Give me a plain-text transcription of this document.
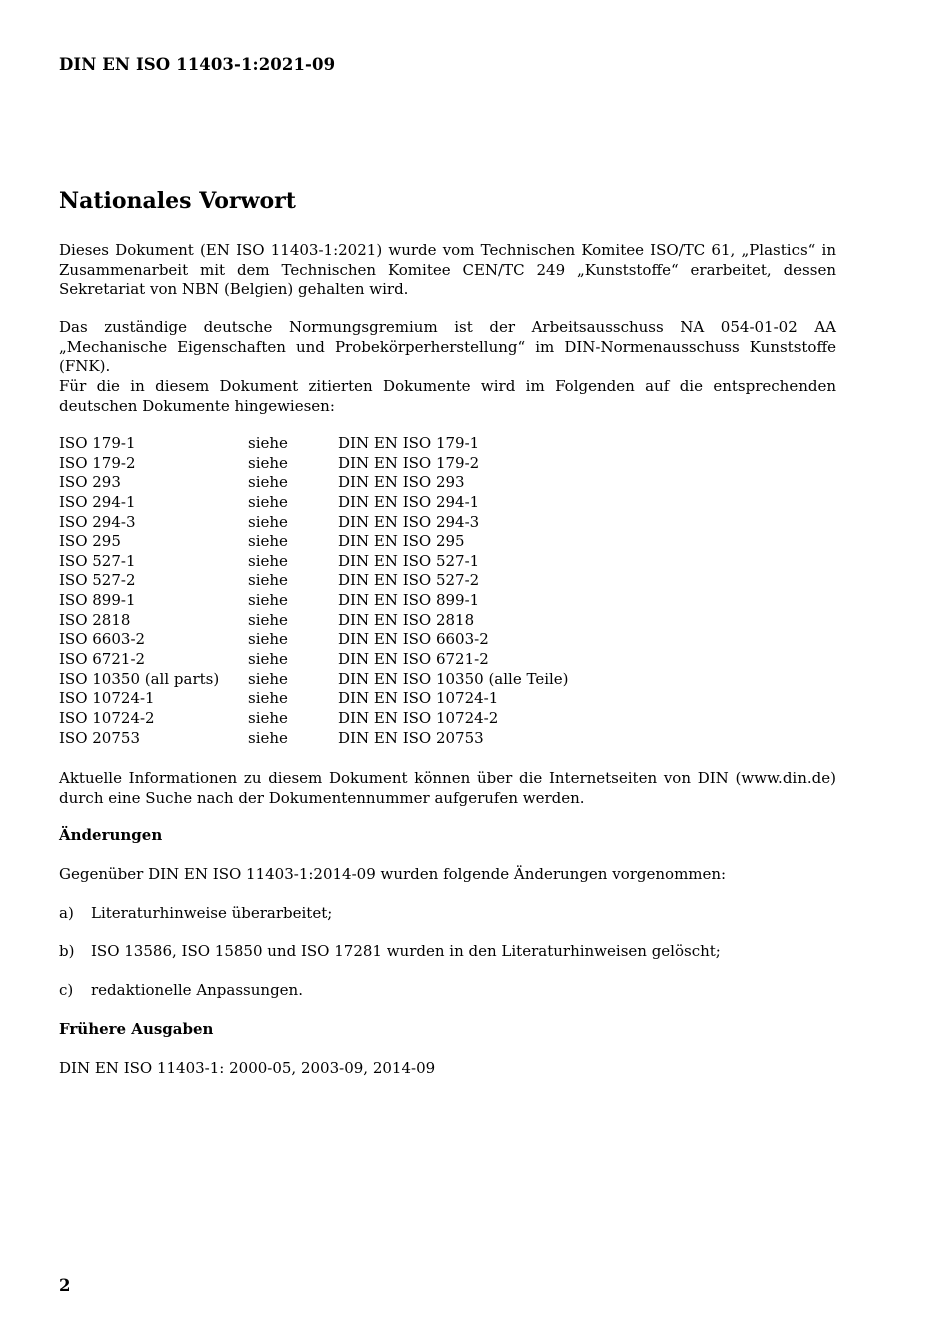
DIN EN ISO 11403-1:2021-09
Nationales Vorwort
Dieses Dokument (EN ISO 11403-1:2021) wurde vom Technischen Komitee ISO/TC 61, „Plastics“ in Zusammenarbeit mit dem Technischen Komitee CEN/TC 249 „Kunststoffe“ erarbeitet, dessen Sekretariat von NBN (Belgien) gehalten wird.
Das zuständige deutsche Normungsgremium ist der Arbeitsausschuss NA 054-01-02 AA „Mechanische Eigenschaften und Probekörperherstellung“ im DIN-Normenausschuss Kunststoffe (FNK).
Für die in diesem Dokument zitierten Dokumente wird im Folgenden auf die entsprechenden deutschen Dokumente hingewiesen:
ISO 179-1	siehe	DIN EN ISO 179-1
ISO 179-2	siehe	DIN EN ISO 179-2
ISO 293	siehe	DIN EN ISO 293
ISO 294-1	siehe	DIN EN ISO 294-1
ISO 294-3	siehe	DIN EN ISO 294-3
ISO 295	siehe	DIN EN ISO 295
ISO 527-1	siehe	DIN EN ISO 527-1
ISO 527-2	siehe	DIN EN ISO 527-2
ISO 899-1	siehe	DIN EN ISO 899-1
ISO 2818	siehe	DIN EN ISO 2818
ISO 6603-2	siehe	DIN EN ISO 6603-2
ISO 6721-2	siehe	DIN EN ISO 6721-2
ISO 10350 (all parts) siehe	DIN EN ISO 10350 (alle Teile)
ISO 10724-1	siehe	DIN EN ISO 10724-1
ISO 10724-2	siehe	DIN EN ISO 10724-2
ISO 20753	siehe	DIN EN ISO 20753
Aktuelle Informationen zu diesem Dokument können über die Internetseiten von DIN (www.din.de) durch eine Suche nach der Dokumentennummer aufgerufen werden.
Änderungen
Gegenüber DIN EN ISO 11403-1:2014-09 wurden folgende Änderungen vorgenommen:
a) Literaturhinweise überarbeitet;
b) ISO 13586, ISO 15850 und ISO 17281 wurden in den Literaturhinweisen gelöscht;
c) redaktionelle Anpassungen.
Frühere Ausgaben
DIN EN ISO 11403-1: 2000-05, 2003-09, 2014-09
2
